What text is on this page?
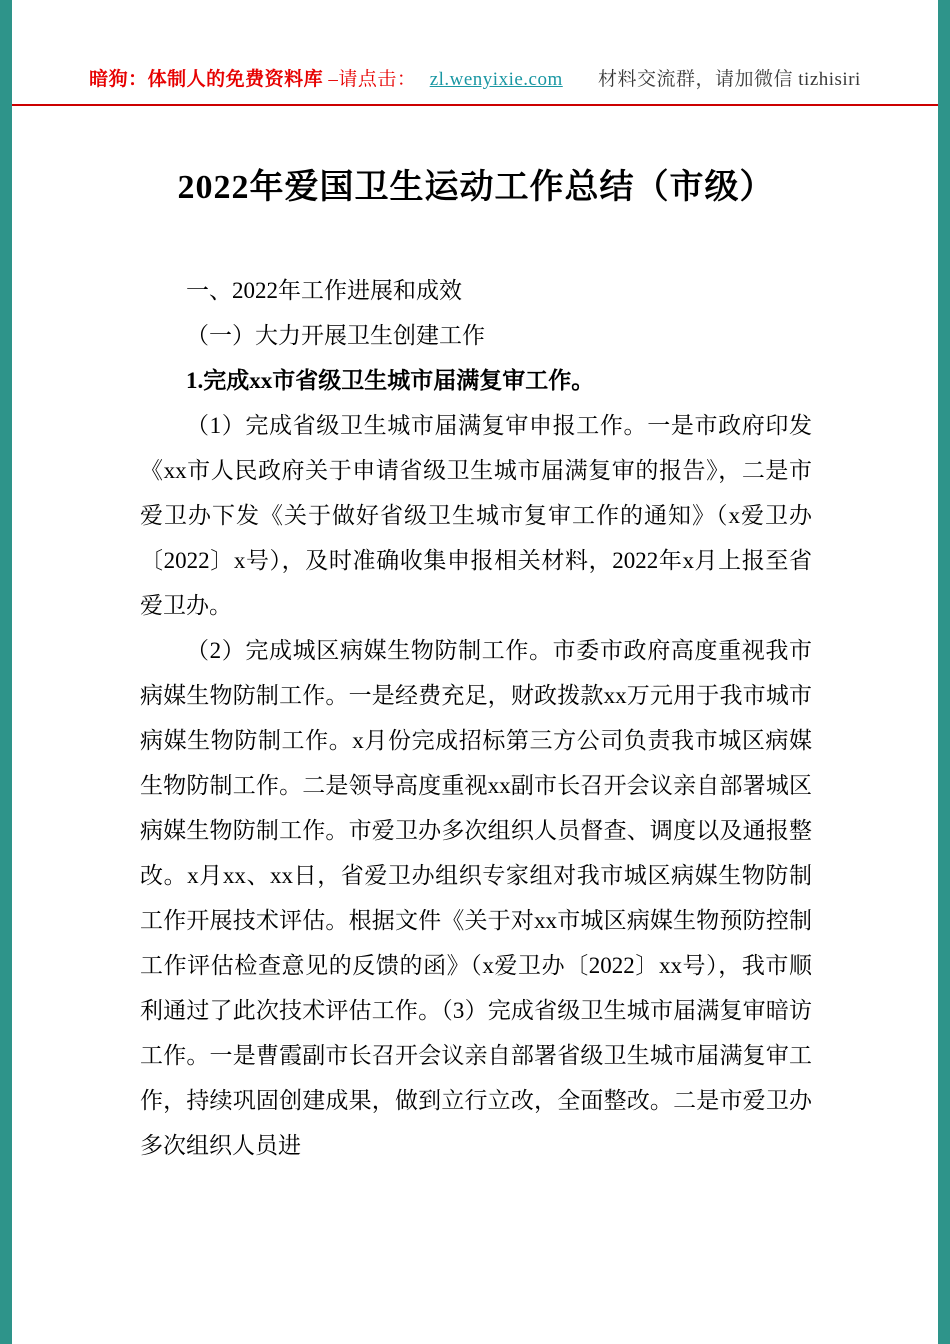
暗狗：体制人的免费资料库 –请点击： zl.wenyixie.com 材料交流群，请加微信 tizhisiri
2022年爱国卫生运动工作总结（市级）

一、2022年工作进展和成效

（一）大力开展卫生创建工作

1.完成xx市省级卫生城市届满复审工作。

（1）完成省级卫生城市届满复审申报工作。一是市政府印发《xx市人民政府关于申请省级卫生城市届满复审的报告》，二是市爱卫办下发《关于做好省级卫生城市复审工作的通知》（x爱卫办〔2022〕x号），及时准确收集申报相关材料，2022年x月上报至省爱卫办。

（2）完成城区病媒生物防制工作。市委市政府高度重视我市病媒生物防制工作。一是经费充足，财政拨款xx万元用于我市城市病媒生物防制工作。x月份完成招标第三方公司负责我市城区病媒生物防制工作。二是领导高度重视xx副市长召开会议亲自部署城区病媒生物防制工作。市爱卫办多次组织人员督查、调度以及通报整改。x月xx、xx日，省爱卫办组织专家组对我市城区病媒生物防制工作开展技术评估。根据文件《关于对xx市城区病媒生物预防控制工作评估检查意见的反馈的函》（x爱卫办〔2022〕xx号），我市顺利通过了此次技术评估工作。（3）完成省级卫生城市届满复审暗访工作。一是曹霞副市长召开会议亲自部署省级卫生城市届满复审工作，持续巩固创建成果，做到立行立改，全面整改。二是市爱卫办多次组织人员进
